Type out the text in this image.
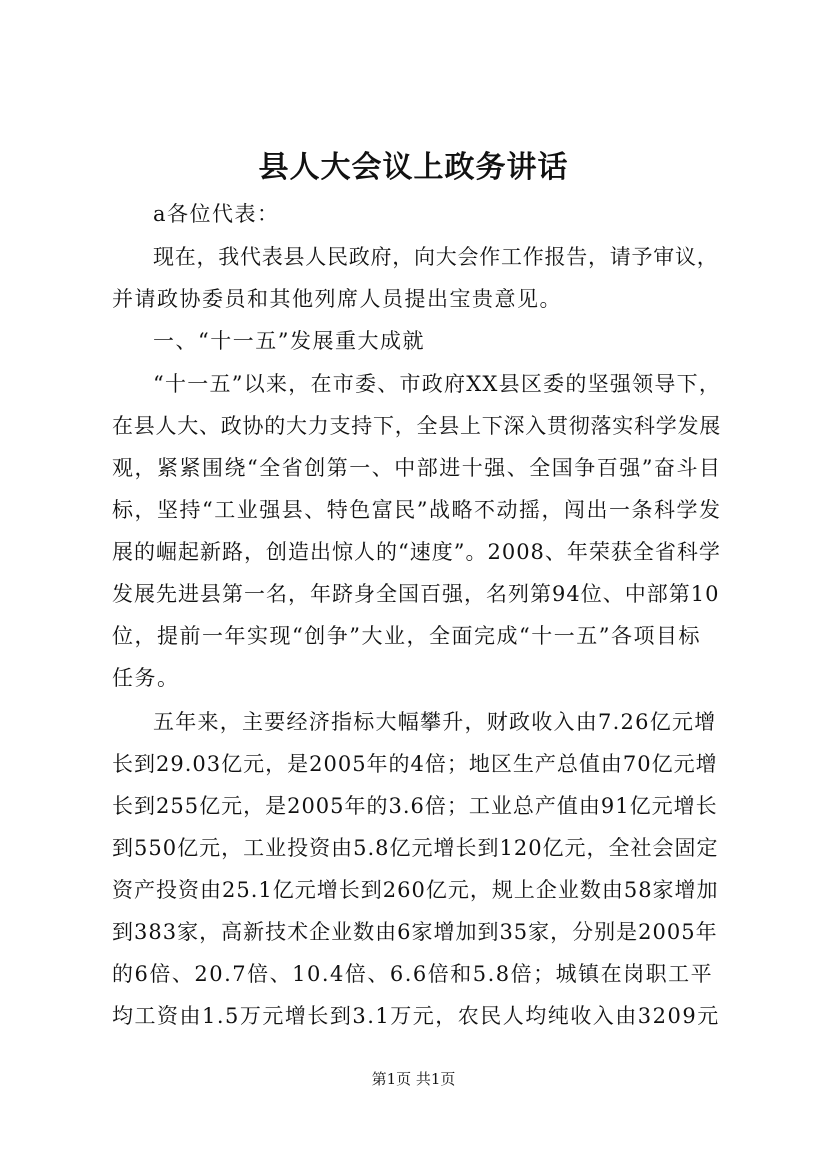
县人大会议上政务讲话
a各位代表：
现在，我代表县人民政府，向大会作工作报告，请予审议，
并请政协委员和其他列席人员提出宝贵意见。
一、“十一五”发展重大成就
“十一五”以来，在市委、市政府XX县区委的坚强领导下，
在县人大、政协的大力支持下，全县上下深入贯彻落实科学发展
观，紧紧围绕“全省创第一、中部进十强、全国争百强”奋斗目
标，坚持“工业强县、特色富民”战略不动摇，闯出一条科学发
展的崛起新路，创造出惊人的“速度”。2008、年荣获全省科学
发展先进县第一名，年跻身全国百强，名列第94位、中部第10
位，提前一年实现“创争”大业，全面完成“十一五”各项目标
任务。
五年来，主要经济指标大幅攀升，财政收入由7.26亿元增
长到29.03亿元，是2005年的4倍；地区生产总值由70亿元增
长到255亿元，是2005年的3.6倍；工业总产值由91亿元增长
到550亿元，工业投资由5.8亿元增长到120亿元，全社会固定
资产投资由25.1亿元增长到260亿元，规上企业数由58家增加
到383家，高新技术企业数由6家增加到35家，分别是2005年
的6倍、20.7倍、10.4倍、6.6倍和5.8倍；城镇在岗职工平
均工资由1.5万元增长到3.1万元，农民人均纯收入由3209元
第1页 共1页
